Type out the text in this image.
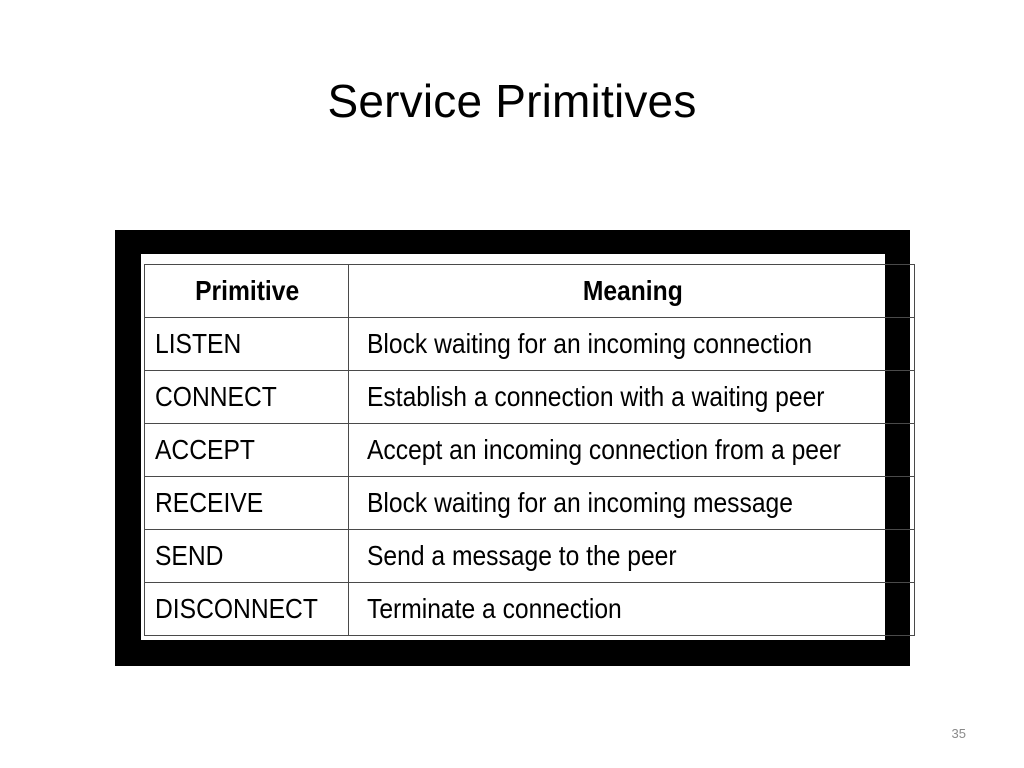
Service Primitives
Primitive	Meaning
LISTEN	Block waiting for an incoming connection
CONNECT	Establish a connection with a waiting peer
ACCEPT	Accept an incoming connection from a peer
RECEIVE	Block waiting for an incoming message
SEND	Send a message to the peer
DISCONNECT	Terminate a connection
35
